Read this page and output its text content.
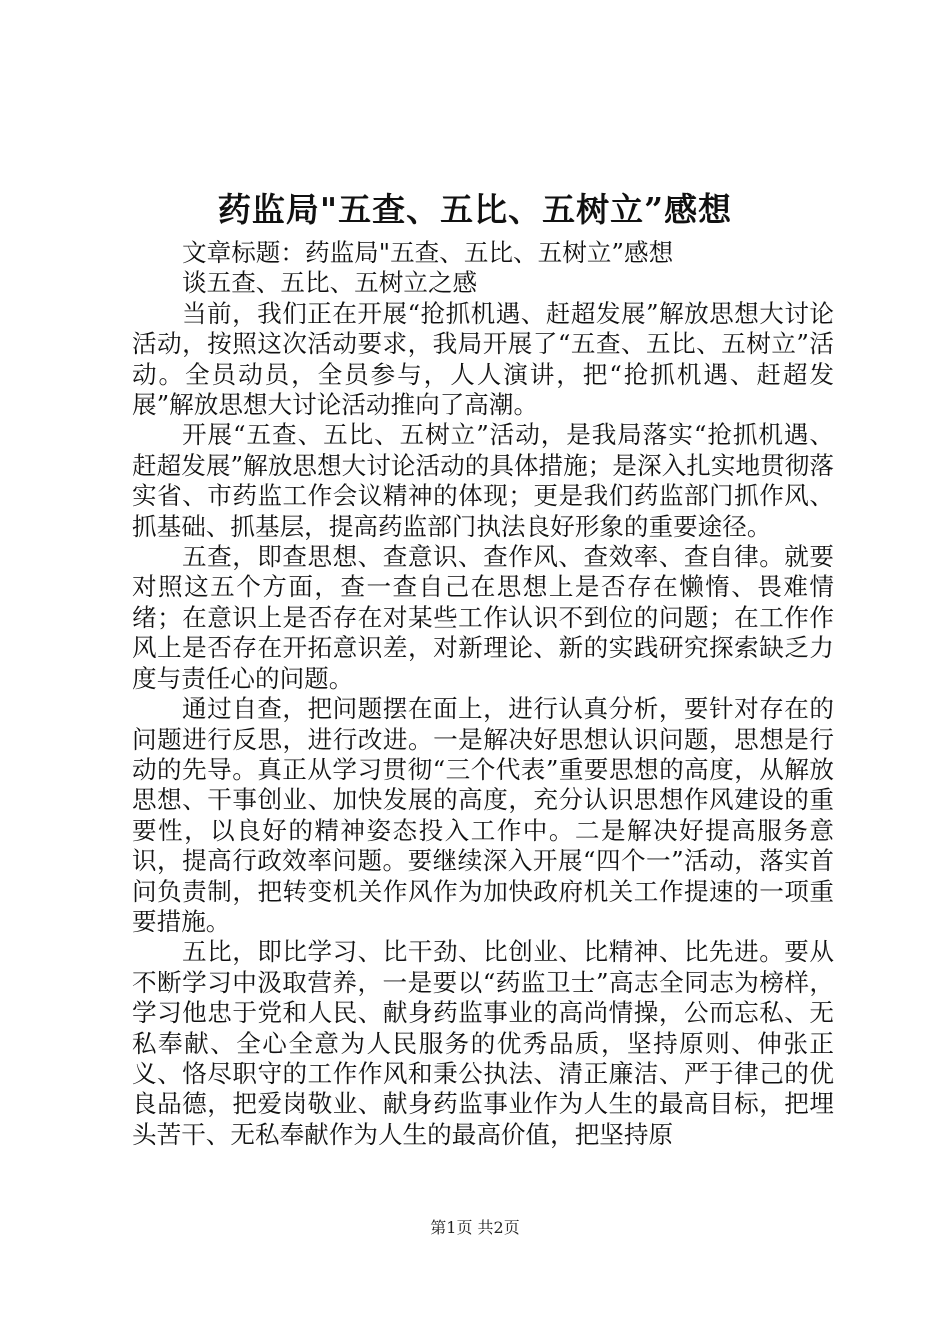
药监局"五查、五比、五树立”感想

文章标题：药监局"五查、五比、五树立”感想

谈五查、五比、五树立之感

当前，我们正在开展“抢抓机遇、赶超发展”解放思想大讨论活动，按照这次活动要求，我局开展了“五查、五比、五树立”活动。全员动员，全员参与，人人演讲，把“抢抓机遇、赶超发展”解放思想大讨论活动推向了高潮。

开展“五查、五比、五树立”活动，是我局落实“抢抓机遇、赶超发展”解放思想大讨论活动的具体措施；是深入扎实地贯彻落实省、市药监工作会议精神的体现；更是我们药监部门抓作风、抓基础、抓基层，提高药监部门执法良好形象的重要途径。

五查，即查思想、查意识、查作风、查效率、查自律。就要对照这五个方面，查一查自己在思想上是否存在懒惰、畏难情绪；在意识上是否存在对某些工作认识不到位的问题；在工作作风上是否存在开拓意识差，对新理论、新的实践研究探索缺乏力度与责任心的问题。

通过自查，把问题摆在面上，进行认真分析，要针对存在的问题进行反思，进行改进。一是解决好思想认识问题，思想是行动的先导。真正从学习贯彻“三个代表”重要思想的高度，从解放思想、干事创业、加快发展的高度，充分认识思想作风建设的重要性，以良好的精神姿态投入工作中。二是解决好提高服务意识，提高行政效率问题。要继续深入开展“四个一”活动，落实首问负责制，把转变机关作风作为加快政府机关工作提速的一项重要措施。

五比，即比学习、比干劲、比创业、比精神、比先进。要从不断学习中汲取营养，一是要以“药监卫士”高志全同志为榜样，学习他忠于党和人民、献身药监事业的高尚情操，公而忘私、无私奉献、全心全意为人民服务的优秀品质，坚持原则、伸张正义、恪尽职守的工作作风和秉公执法、清正廉洁、严于律己的优良品德，把爱岗敬业、献身药监事业作为人生的最高目标，把埋头苦干、无私奉献作为人生的最高价值，把坚持原

第1页 共2页
